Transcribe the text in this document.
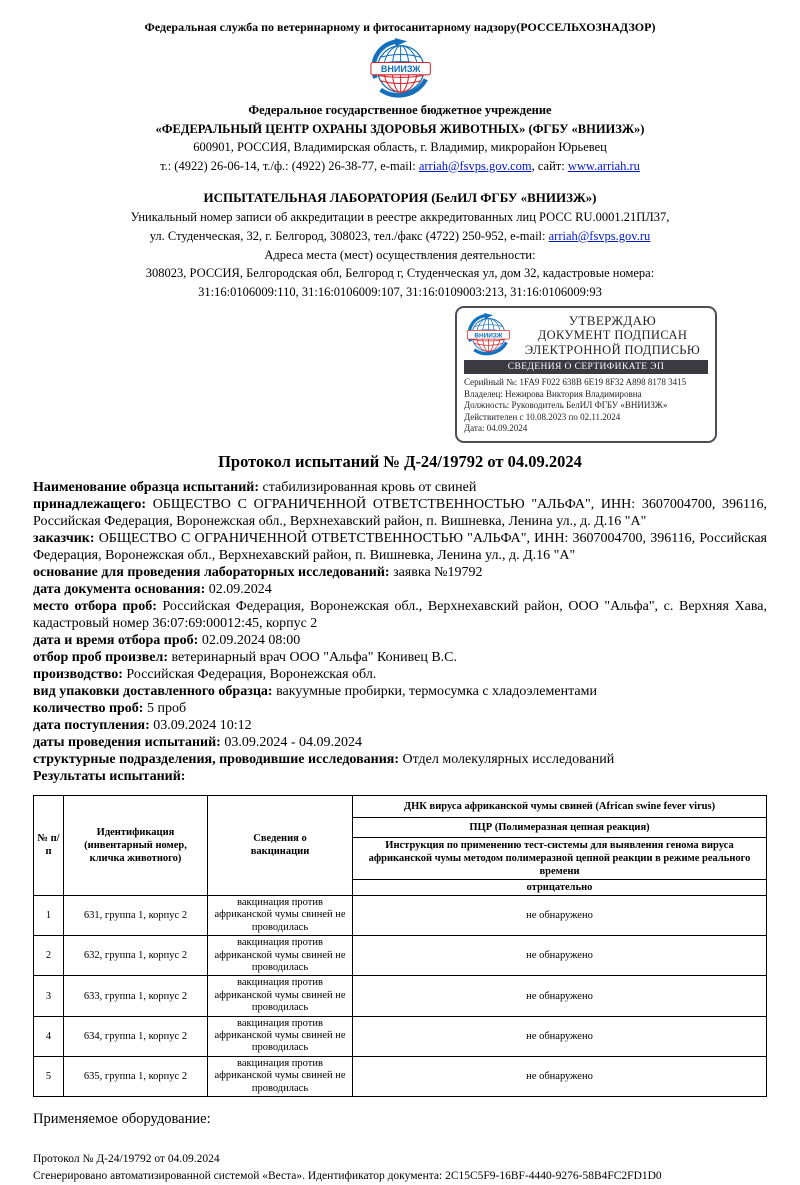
Федеральная служба по ветеринарному и фитосанитарному надзору(РОССЕЛЬХОЗНАДЗОР)
Федеральное государственное бюджетное учреждение
«ФЕДЕРАЛЬНЫЙ ЦЕНТР ОХРАНЫ ЗДОРОВЬЯ ЖИВОТНЫХ» (ФГБУ «ВНИИЗЖ»)
600901, РОССИЯ, Владимирская область, г. Владимир, микрорайон Юрьевец
т.: (4922) 26-06-14, т./ф.: (4922) 26-38-77, e-mail: arriah@fsvps.gov.com, сайт: www.arriah.ru
ИСПЫТАТЕЛЬНАЯ ЛАБОРАТОРИЯ (БелИЛ ФГБУ «ВНИИЗЖ»)
Уникальный номер записи об аккредитации в реестре аккредитованных лиц РОСС RU.0001.21ПЛ37,
ул. Студенческая, 32, г. Белгород, 308023, тел./факс (4722) 250-952, e-mail: arriah@fsvps.gov.ru
Адреса места (мест) осуществления деятельности:
308023, РОССИЯ, Белгородская обл, Белгород г, Студенческая ул, дом 32, кадастровые номера:
31:16:0106009:110, 31:16:0106009:107, 31:16:0109003:213, 31:16:0106009:93
УТВЕРЖДАЮ
ДОКУМЕНТ ПОДПИСАН
ЭЛЕКТРОННОЙ ПОДПИСЬЮ
СВЕДЕНИЯ О СЕРТИФИКАТЕ ЭП
Серийный №: 1FA9 F022 638B 6E19 8F32 A898 8178 3415
Владелец: Нежирова Виктория Владимировна
Должность: Руководитель БелИЛ ФГБУ «ВНИИЗЖ»
Действителен с 10.08.2023 по 02.11.2024
Дата: 04.09.2024
Протокол испытаний № Д-24/19792 от 04.09.2024
Наименование образца испытаний: стабилизированная кровь от свиней
принадлежащего: ОБЩЕСТВО С ОГРАНИЧЕННОЙ ОТВЕТСТВЕННОСТЬЮ "АЛЬФА", ИНН: 3607004700, 396116, Российская Федерация, Воронежская обл., Верхнехавский район, п. Вишневка, Ленина ул., д. Д.16 "А"
заказчик: ОБЩЕСТВО С ОГРАНИЧЕННОЙ ОТВЕТСТВЕННОСТЬЮ "АЛЬФА", ИНН: 3607004700, 396116, Российская Федерация, Воронежская обл., Верхнехавский район, п. Вишневка, Ленина ул., д. Д.16 "А"
основание для проведения лабораторных исследований: заявка №19792
дата документа основания: 02.09.2024
место отбора проб: Российская Федерация, Воронежская обл., Верхнехавский район, ООО "Альфа", с. Верхняя Хава, кадастровый номер 36:07:69:00012:45, корпус 2
дата и время отбора проб: 02.09.2024 08:00
отбор проб произвел: ветеринарный врач ООО "Альфа" Конивец В.С.
производство: Российская Федерация, Воронежская обл.
вид упаковки доставленного образца: вакуумные пробирки, термосумка с хладоэлементами
количество проб: 5 проб
дата поступления: 03.09.2024 10:12
даты проведения испытаний: 03.09.2024 - 04.09.2024
структурные подразделения, проводившие исследования: Отдел молекулярных исследований
Результаты испытаний:
№ п/п	Идентификация (инвентарный номер, кличка животного)	Сведения о вакцинации	ДНК вируса африканской чумы свиней (African swine fever virus)
			ПЦР (Полимеразная цепная реакция)
			Инструкция по применению тест-системы для выявления генома вируса африканской чумы методом полимеразной цепной реакции в режиме реального времени
			отрицательно
1	631, группа 1, корпус 2	вакцинация против африканской чумы свиней не проводилась	не обнаружено
2	632, группа 1, корпус 2	вакцинация против африканской чумы свиней не проводилась	не обнаружено
3	633, группа 1, корпус 2	вакцинация против африканской чумы свиней не проводилась	не обнаружено
4	634, группа 1, корпус 2	вакцинация против африканской чумы свиней не проводилась	не обнаружено
5	635, группа 1, корпус 2	вакцинация против африканской чумы свиней не проводилась	не обнаружено
Применяемое оборудование:
Протокол № Д-24/19792 от 04.09.2024
Сгенерировано автоматизированной системой «Веста». Идентификатор документа: 2C15C5F9-16BF-4440-9276-58B4FC2FD1D0
